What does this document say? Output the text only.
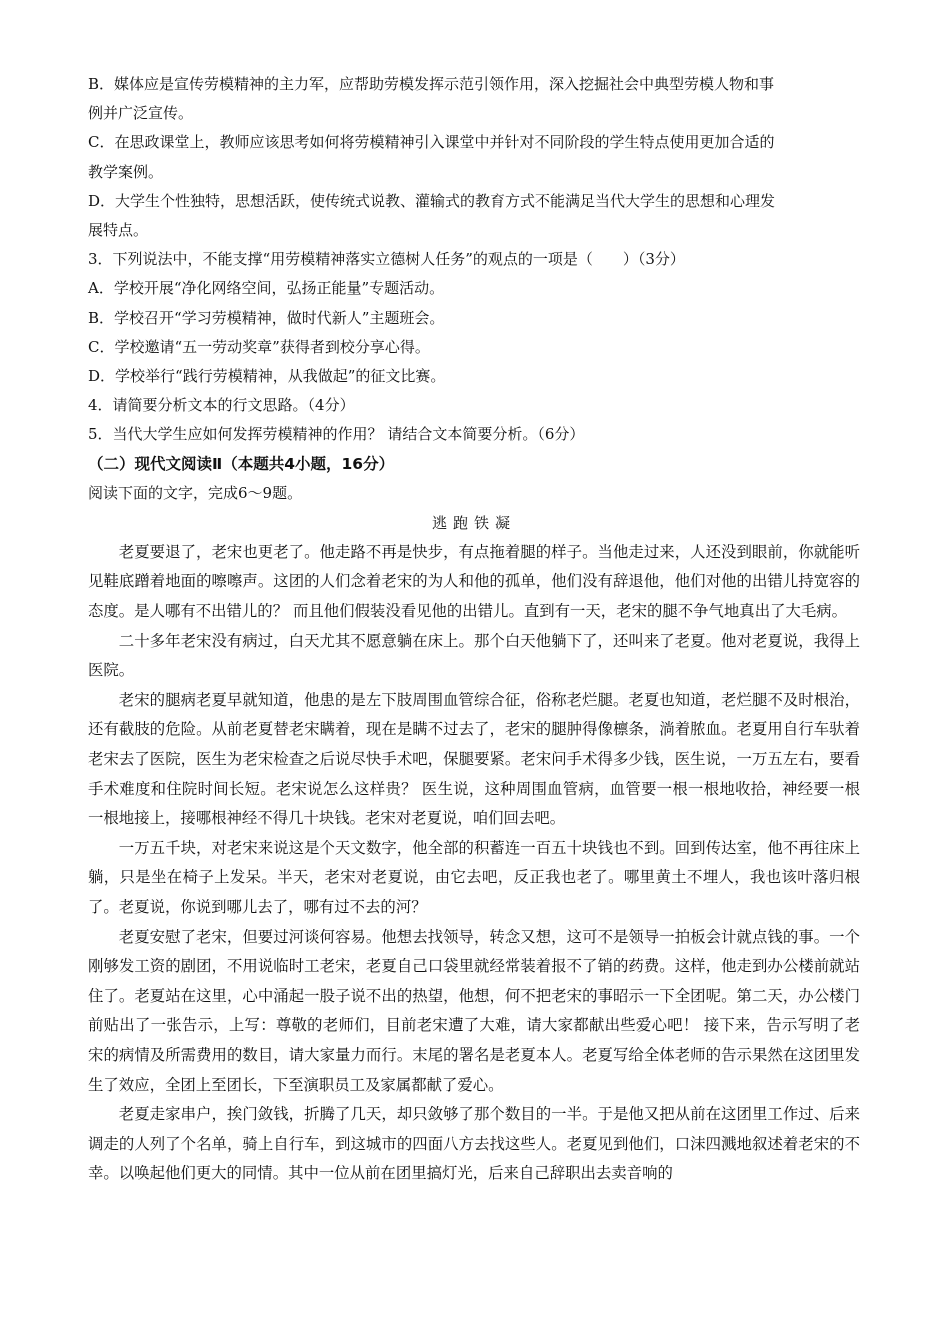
B．媒体应是宣传劳模精神的主力军，应帮助劳模发挥示范引领作用，深入挖掘社会中典型劳模人物和事
例并广泛宣传。
C．在思政课堂上，教师应该思考如何将劳模精神引入课堂中并针对不同阶段的学生特点使用更加合适的
教学案例。
D．大学生个性独特，思想活跃，使传统式说教、灌输式的教育方式不能满足当代大学生的思想和心理发
展特点。
3．下列说法中，不能支撑“用劳模精神落实立德树人任务”的观点的一项是（　　）（3分）
A．学校开展“净化网络空间，弘扬正能量”专题活动。
B．学校召开“学习劳模精神，做时代新人”主题班会。
C．学校邀请“五一劳动奖章”获得者到校分享心得。
D．学校举行“践行劳模精神，从我做起”的征文比赛。
4．请简要分析文本的行文思路。（4分）
5．当代大学生应如何发挥劳模精神的作用？ 请结合文本简要分析。（6分）
（二）现代文阅读Ⅱ（本题共4小题，16分）
阅读下面的文字，完成6～9题。
逃跑铁凝

老夏要退了，老宋也更老了。他走路不再是快步，有点拖着腿的样子。当他走过来，人还没到眼前，你就能听见鞋底蹭着地面的嚓嚓声。这团的人们念着老宋的为人和他的孤单，他们没有辞退他，他们对他的出错儿持宽容的态度。是人哪有不出错儿的？ 而且他们假装没看见他的出错儿。直到有一天，老宋的腿不争气地真出了大毛病。

二十多年老宋没有病过，白天尤其不愿意躺在床上。那个白天他躺下了，还叫来了老夏。他对老夏说，我得上医院。

老宋的腿病老夏早就知道，他患的是左下肢周围血管综合征，俗称老烂腿。老夏也知道，老烂腿不及时根治，还有截肢的危险。从前老夏替老宋瞒着，现在是瞒不过去了，老宋的腿肿得像檩条，淌着脓血。老夏用自行车驮着老宋去了医院，医生为老宋检查之后说尽快手术吧，保腿要紧。老宋问手术得多少钱，医生说，一万五左右，要看手术难度和住院时间长短。老宋说怎么这样贵？ 医生说，这种周围血管病，血管要一根一根地收拾，神经要一根一根地接上，接哪根神经不得几十块钱。老宋对老夏说，咱们回去吧。

一万五千块，对老宋来说这是个天文数字，他全部的积蓄连一百五十块钱也不到。回到传达室，他不再往床上躺，只是坐在椅子上发呆。半天，老宋对老夏说，由它去吧，反正我也老了。哪里黄土不埋人，我也该叶落归根了。老夏说，你说到哪儿去了，哪有过不去的河？

老夏安慰了老宋，但要过河谈何容易。他想去找领导，转念又想，这可不是领导一拍板会计就点钱的事。一个刚够发工资的剧团，不用说临时工老宋，老夏自己口袋里就经常装着报不了销的药费。这样，他走到办公楼前就站住了。老夏站在这里，心中涌起一股子说不出的热望，他想，何不把老宋的事昭示一下全团呢。第二天，办公楼门前贴出了一张告示，上写：尊敬的老师们，目前老宋遭了大难，请大家都献出些爱心吧！ 接下来，告示写明了老宋的病情及所需费用的数目，请大家量力而行。末尾的署名是老夏本人。老夏写给全体老师的告示果然在这团里发生了效应，全团上至团长，下至演职员工及家属都献了爱心。

老夏走家串户，挨门敛钱，折腾了几天，却只敛够了那个数目的一半。于是他又把从前在这团里工作过、后来调走的人列了个名单，骑上自行车，到这城市的四面八方去找这些人。老夏见到他们，口沫四溅地叙述着老宋的不幸。以唤起他们更大的同情。其中一位从前在团里搞灯光，后来自己辞职出去卖音响的
